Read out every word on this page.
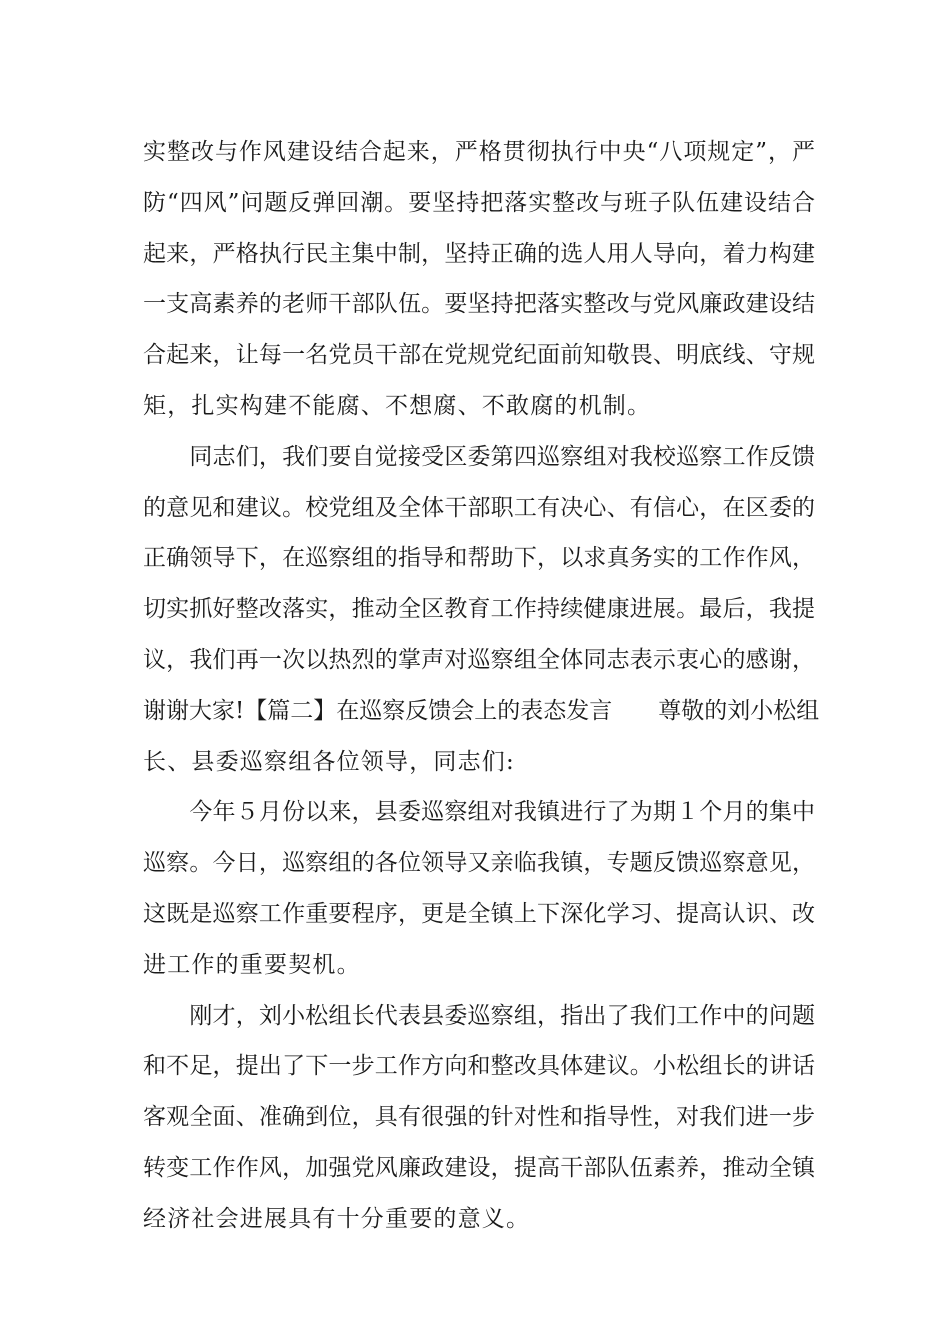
实整改与作风建设结合起来，严格贯彻执行中央“八项规定”，严
防“四风”问题反弹回潮。要坚持把落实整改与班子队伍建设结合
起来，严格执行民主集中制，坚持正确的选人用人导向，着力构建
一支高素养的老师干部队伍。要坚持把落实整改与党风廉政建设结
合起来，让每一名党员干部在党规党纪面前知敬畏、明底线、守规
矩，扎实构建不能腐、不想腐、不敢腐的机制。
　　同志们，我们要自觉接受区委第四巡察组对我校巡察工作反馈
的意见和建议。校党组及全体干部职工有决心、有信心，在区委的
正确领导下，在巡察组的指导和帮助下，以求真务实的工作作风，
切实抓好整改落实，推动全区教育工作持续健康进展。最后，我提
议，我们再一次以热烈的掌声对巡察组全体同志表示衷心的感谢，
谢谢大家!【篇二】在巡察反馈会上的表态发言　　尊敬的刘小松组
长、县委巡察组各位领导，同志们:
　　今年５月份以来，县委巡察组对我镇进行了为期１个月的集中
巡察。今日，巡察组的各位领导又亲临我镇，专题反馈巡察意见，
这既是巡察工作重要程序，更是全镇上下深化学习、提高认识、改
进工作的重要契机。
　　刚才，刘小松组长代表县委巡察组，指出了我们工作中的问题
和不足，提出了下一步工作方向和整改具体建议。小松组长的讲话
客观全面、准确到位，具有很强的针对性和指导性，对我们进一步
转变工作作风，加强党风廉政建设，提高干部队伍素养，推动全镇
经济社会进展具有十分重要的意义。
